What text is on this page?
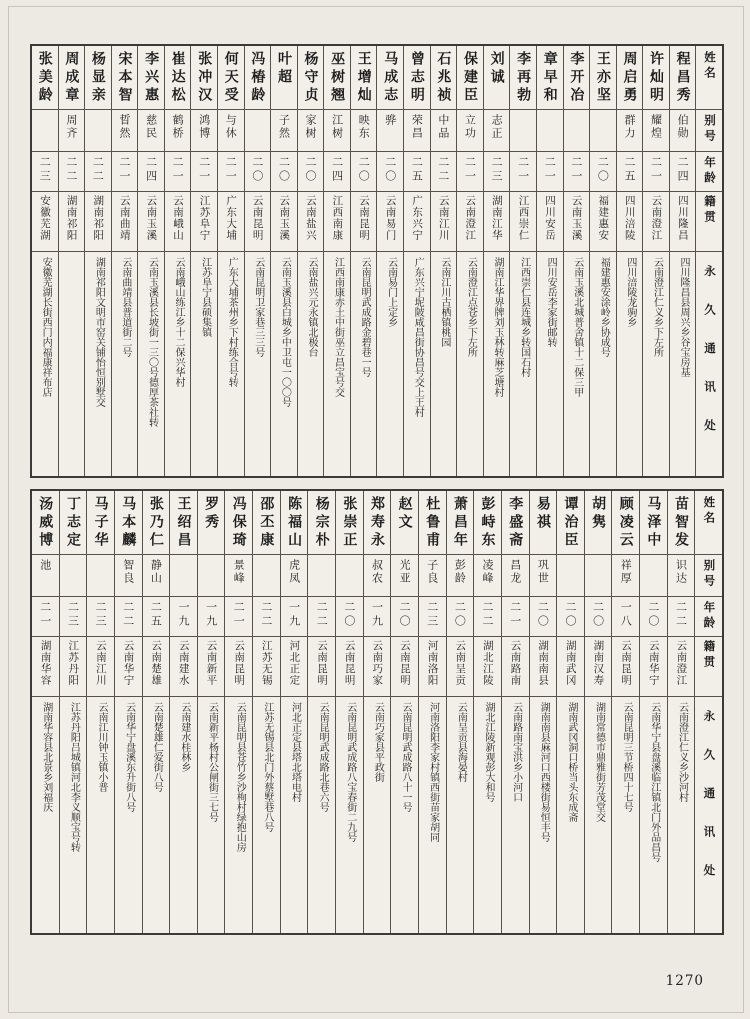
姓名
别号
年龄
籍贯
永久通讯处
程昌秀
伯勋
二四
四川隆昌
四川隆昌县周兴乡谷宝房基
许灿明
耀煌
二一
云南澄江
云南澄江仁义乡下左所
周启勇
群力
二五
四川涪陵
四川涪陵龙驹乡
王亦坚
二〇
福建惠安
福建惠安涂岭乡协成号
李开冶
二一
云南玉溪
云南玉溪北城普舍镇十二保三甲
章早和
二一
四川安岳
四川安岳李家街邮转
李再勃
二一
江西崇仁
江西崇仁县连城乡转国石村
刘诚
志正
二三
湖南江华
湖南江华界牌刘玉林转麻芝塘村
保建臣
立功
二一
云南澄江
云南澄江点苍乡下左所
石兆祯
中品
二二
云南江川
云南江川古栖镇桃园
曾志明
荣昌
二五
广东兴宁
广东兴宁坭陂咸昌街协昌号交上王村
马成志
骅
二〇
云南易门
云南易门上定乡
王增灿
映东
二〇
云南昆明
云南昆明武成路金碧巷一号
巫树翘
江树
二四
江西南康
江西南康赤土中街巫立昌宝号交
杨守贞
家树
二〇
云南盐兴
云南盐兴元永镇北极台
叶超
子然
二〇
云南玉溪
云南玉溪县白城乡中卫屯一〇〇号
冯椿龄
二〇
云南昆明
云南昆明卫家巷三三号
何天受
与休
二一
广东大埔
广东大埔茶州乡下村练合号转
张冲汉
鸿博
二一
江苏阜宁
江苏阜宁县硕集镇
崔达松
鹤桥
二一
云南峨山
云南峨山练江乡十二保兴华村
李兴惠
慈民
二四
云南玉溪
云南玉溪县长坡街一三〇号德厚茶社转
宋本智
晢然
二一
云南曲靖
云南曲靖县普道街二号
杨显亲
二二
湖南祁阳
湖南祁阳文明市窑关铺怡恒别墅交
周成章
周齐
二二
湖南祁阳
张美龄
二三
安徽芜湖
安徽芜湖长街西门内福康祥布店
姓名
别号
年龄
籍贯
永久通讯处
苗智发
识达
二二
云南澄江
云南澄江仁义乡沙河村
马泽中
二〇
云南华宁
云南华宁县盘溪临江镇北门外品昌号
顾凌云
祥厚
一八
云南昆明
云南昆明三节桥四十七号
胡隽
二〇
湖南汉寿
湖南常德市鼎雅街芳茂堂交
谭治臣
二〇
湖南武冈
湖南武冈洞口桥当头东成斋
易祺
巩世
二〇
湖南南县
湖南南县麻河口西楼街易恒丰号
李盛斋
昌龙
二一
云南路南
云南路南宝洪乡小河口
彭峙东
凌峰
二二
湖北江陵
湖北江陵新观彭大和号
萧昌年
彭龄
二〇
云南呈贡
云南呈贡县海晏村
杜鲁甫
子良
二三
河南洛阳
河南洛阳李家村镇西街苗家胡同
赵文
光亚
二〇
云南昆明
云南昆明武成路八十一号
郑寿永
叔农
一九
云南巧家
云南巧家县平政街
张崇正
二〇
云南昆明
云南昆明武成路八宝春街二九号
杨宗朴
二二
云南昆明
云南昆明武成路北巷六号
陈福山
虎凤
一九
河北正定
河北正定县塔北塔电村
邵丕康
二二
江苏无锡
江苏无锡县北门外蔡墅巷八号
冯保琦
景峰
二一
云南昆明
云南昆明县苍竹乡沙栒村绿抱山房
罗秀
一九
云南新平
云南新平杨村公闸街三七号
王绍昌
一九
云南建水
云南建水桂林乡
张乃仁
静山
二五
云南楚雄
云南楚雄仁爱街八号
马本麟
智良
二二
云南华宁
云南华宁盘溪东升街八号
马子华
二三
云南江川
云南江川钟玉镇小普
丁志定
二三
江苏丹阳
江苏丹阳吕城镇河北李义顺宝号转
汤威博
池
二一
湖南华容
湖南华容县北景乡刘福庆
1270
